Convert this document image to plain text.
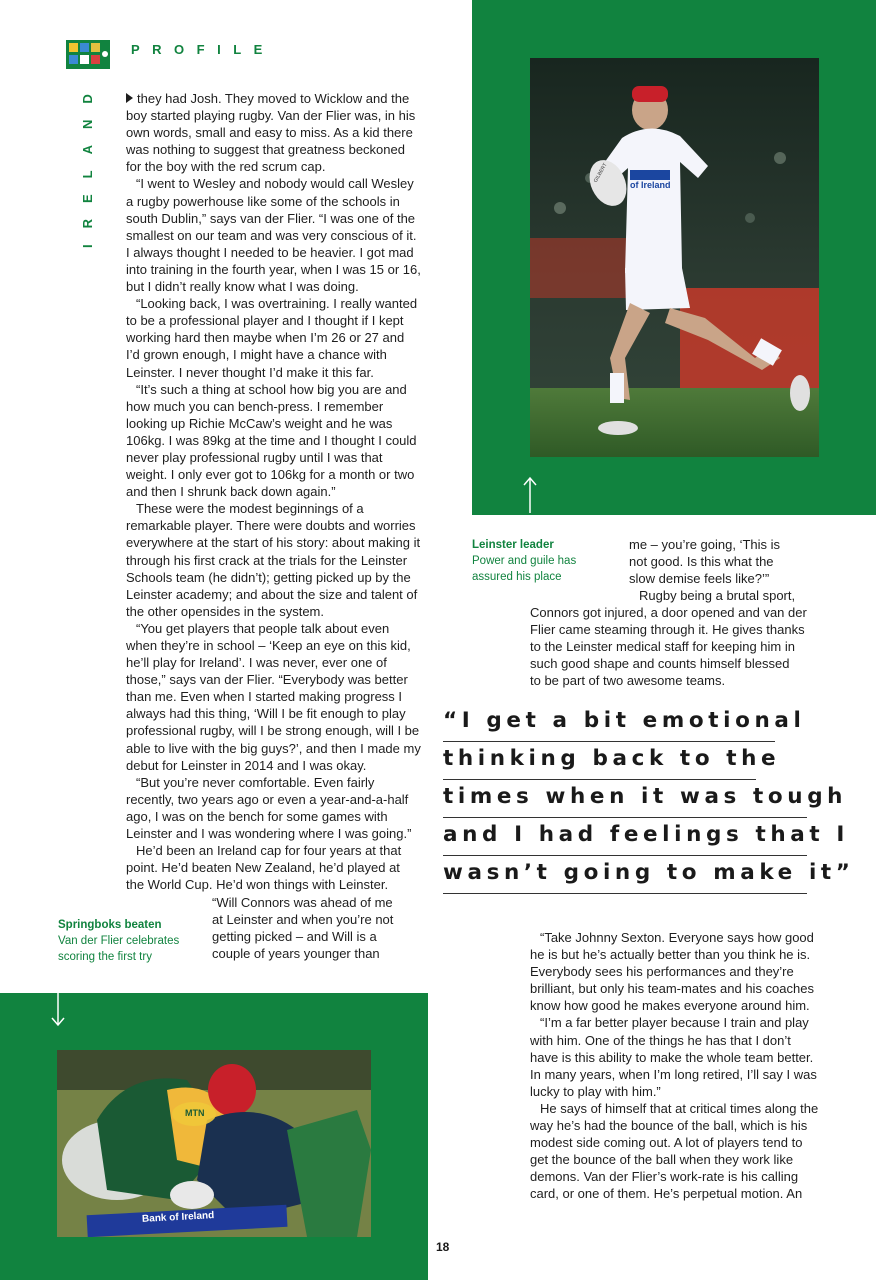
PROFILE
IRELAND	of Ireland
GILBERT

they had Josh. They moved to Wicklow and the boy started playing rugby. Van der Flier was, in his own words, small and easy to miss. As a kid there was nothing to suggest that greatness beckoned for the boy with the red scrum cap.

“I went to Wesley and nobody would call Wesley a rugby powerhouse like some of the schools in south Dublin,” says van der Flier. “I was one of the smallest on our team and was very conscious of it. I always thought I needed to be heavier. I got mad into training in the fourth year, when I was 15 or 16, but I didn’t really know what I was doing.

“Looking back, I was overtraining. I really wanted to be a professional player and I thought if I kept working hard then maybe when I’m 26 or 27 and I’d grown enough, I might have a chance with Leinster. I never thought I’d make it this far.

“It’s such a thing at school how big you are and how much you can bench-press. I remember looking up Richie McCaw’s weight and he was 106kg. I was 89kg at the time and I thought I could never play professional rugby until I was that weight. I only ever got to 106kg for a month or two and then I shrunk back down again.”

These were the modest beginnings of a remarkable player. There were doubts and worries everywhere at the start of his story: about making it through his first crack at the trials for the Leinster Schools team (he didn’t); getting picked up by the Leinster academy; and about the size and talent of the other opensides in the system.

“You get players that people talk about even when they’re in school – ‘Keep an eye on this kid, he’ll play for Ireland’. I was never, ever one of those,” says van der Flier. “Everybody was better than me. Even when I started making progress I always had this thing, ‘Will I be fit enough to play professional rugby, will I be strong enough, will I be able to live with the big guys?’, and then I made my debut for Leinster in 2014 and I was okay.

“But you’re never comfortable. Even fairly recently, two years ago or even a year-and-a-half ago, I was on the bench for some games with Leinster and I was wondering where I was going.”

He’d been an Ireland cap for four years at that point. He’d beaten New Zealand, he’d played at the World Cup. He’d won things with Leinster.

“Will Connors was ahead of me
at Leinster and when you’re not
getting picked – and Will is a
couple of years younger than
Springboks beaten
Van der Flier celebrates
scoring the first try
Leinster leader
Power and guile has
assured his place
me – you’re going, ‘This is
not good. Is this what the
slow demise feels like?’”
Rugby being a brutal sport,
Connors got injured, a door opened and van der
Flier came steaming through it. He gives thanks
to the Leinster medical staff for keeping him in
such good shape and counts himself blessed
to be part of two awesome teams.
“I get a bit emotional
thinking back to the
times when it was tough
and I had feelings that I
wasn’t going to make it”

“Take Johnny Sexton. Everyone says how good he is but he’s actually better than you think he is. Everybody sees his performances and they’re brilliant, but only his team-mates and his coaches know how good he makes everyone around him.

“I’m a far better player because I train and play with him. One of the things he has that I don’t have is this ability to make the whole team better. In many years, when I’m long retired, I’ll say I was lucky to play with him.”

He says of himself that at critical times along the way he’s had the bounce of the ball, which is his modest side coming out. A lot of players tend to get the bounce of the ball when they work like demons. Van der Flier’s work-rate is his calling card, or one of them. He’s perpetual motion. An

MTN
Bank of Ireland
18
